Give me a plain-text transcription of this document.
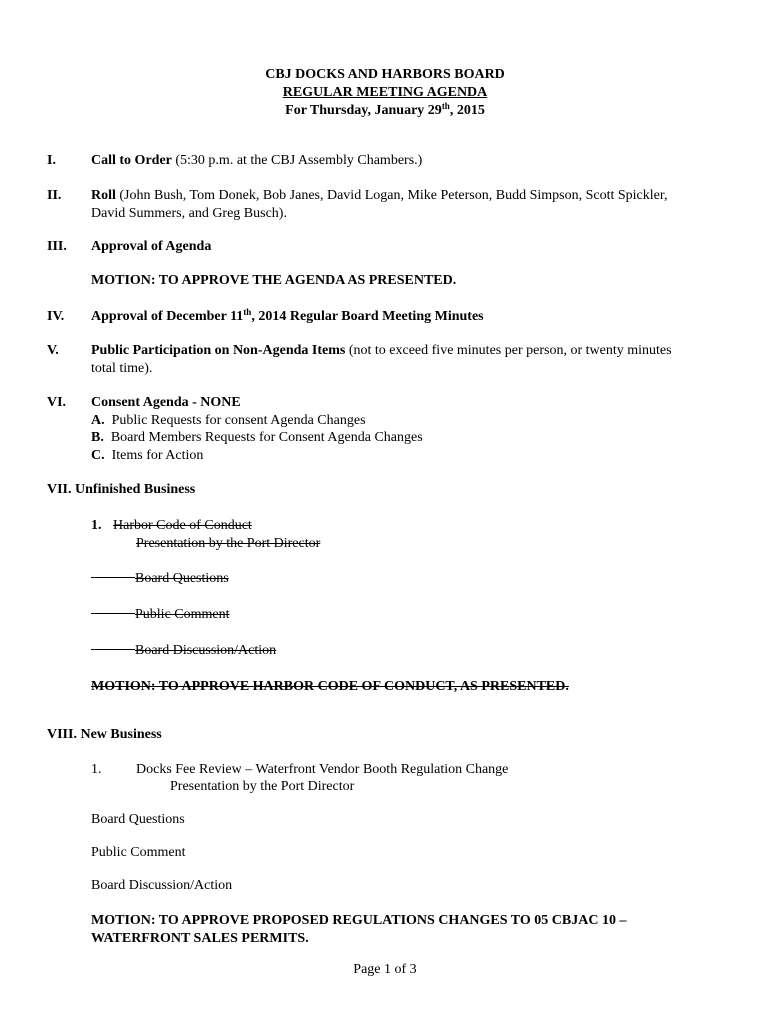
CBJ DOCKS AND HARBORS BOARD
REGULAR MEETING AGENDA
For Thursday, January 29th, 2015
I.	Call to Order (5:30 p.m. at the CBJ Assembly Chambers.)
II. Roll (John Bush, Tom Donek, Bob Janes, David Logan, Mike Peterson, Budd Simpson, Scott Spickler,
David Summers, and Greg Busch).
III. Approval of Agenda
MOTION: TO APPROVE THE AGENDA AS PRESENTED.
IV. Approval of December 11th, 2014 Regular Board Meeting Minutes
V. Public Participation on Non-Agenda Items (not to exceed five minutes per person, or twenty minutes
total time).
VI. Consent Agenda - NONE
A. Public Requests for consent Agenda Changes
B. Board Members Requests for Consent Agenda Changes
C. Items for Action
VII. Unfinished Business
1. Harbor Code of Conduct
Presentation by the Port Director
Board Questions
Public Comment
Board Discussion/Action
MOTION: TO APPROVE HARBOR CODE OF CONDUCT, AS PRESENTED.
VIII. New Business
1. Docks Fee Review – Waterfront Vendor Booth Regulation Change
Presentation by the Port Director
Board Questions
Public Comment
Board Discussion/Action
MOTION: TO APPROVE PROPOSED REGULATIONS CHANGES TO 05 CBJAC 10 –
WATERFRONT SALES PERMITS.
Page 1 of 3
